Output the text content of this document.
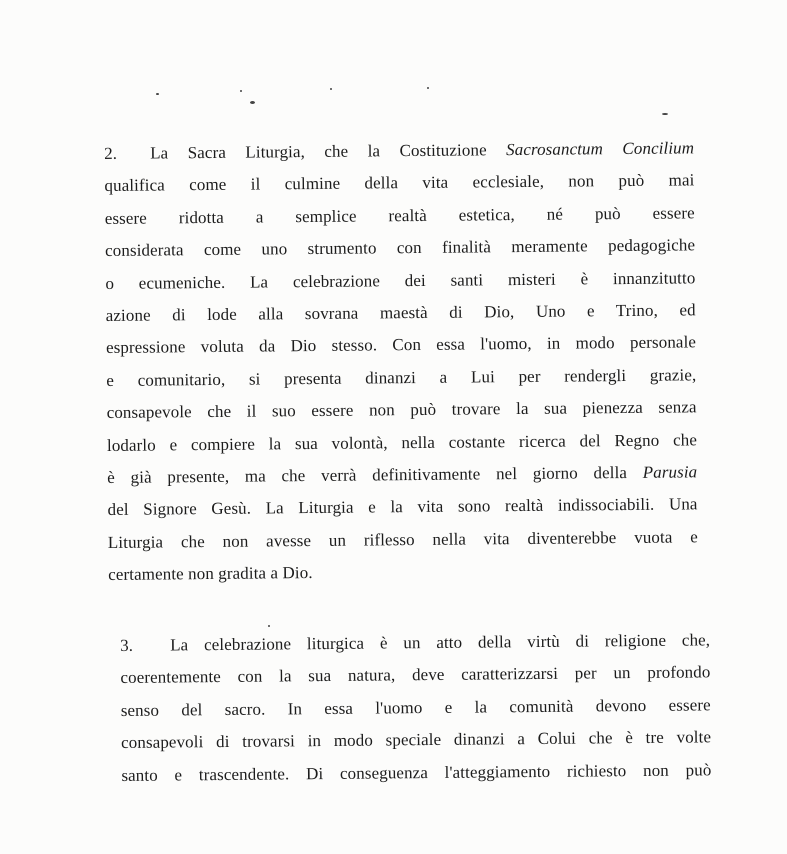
2. La Sacra Liturgia, che la Costituzione Sacrosanctum Concilium
qualifica come il culmine della vita ecclesiale, non può mai
essere ridotta a semplice realtà estetica, né può essere
considerata come uno strumento con finalità meramente pedagogiche
o ecumeniche. La celebrazione dei santi misteri è innanzitutto
azione di lode alla sovrana maestà di Dio, Uno e Trino, ed
espressione voluta da Dio stesso. Con essa l'uomo, in modo personale
e comunitario, si presenta dinanzi a Lui per rendergli grazie,
consapevole che il suo essere non può trovare la sua pienezza senza
lodarlo e compiere la sua volontà, nella costante ricerca del Regno che
è già presente, ma che verrà definitivamente nel giorno della Parusia
del Signore Gesù. La Liturgia e la vita sono realtà indissociabili. Una
Liturgia che non avesse un riflesso nella vita diventerebbe vuota e
certamente non gradita a Dio.
3. La celebrazione liturgica è un atto della virtù di religione che,
coerentemente con la sua natura, deve caratterizzarsi per un profondo
senso del sacro. In essa l'uomo e la comunità devono essere
consapevoli di trovarsi in modo speciale dinanzi a Colui che è tre volte
santo e trascendente. Di conseguenza l'atteggiamento richiesto non può
